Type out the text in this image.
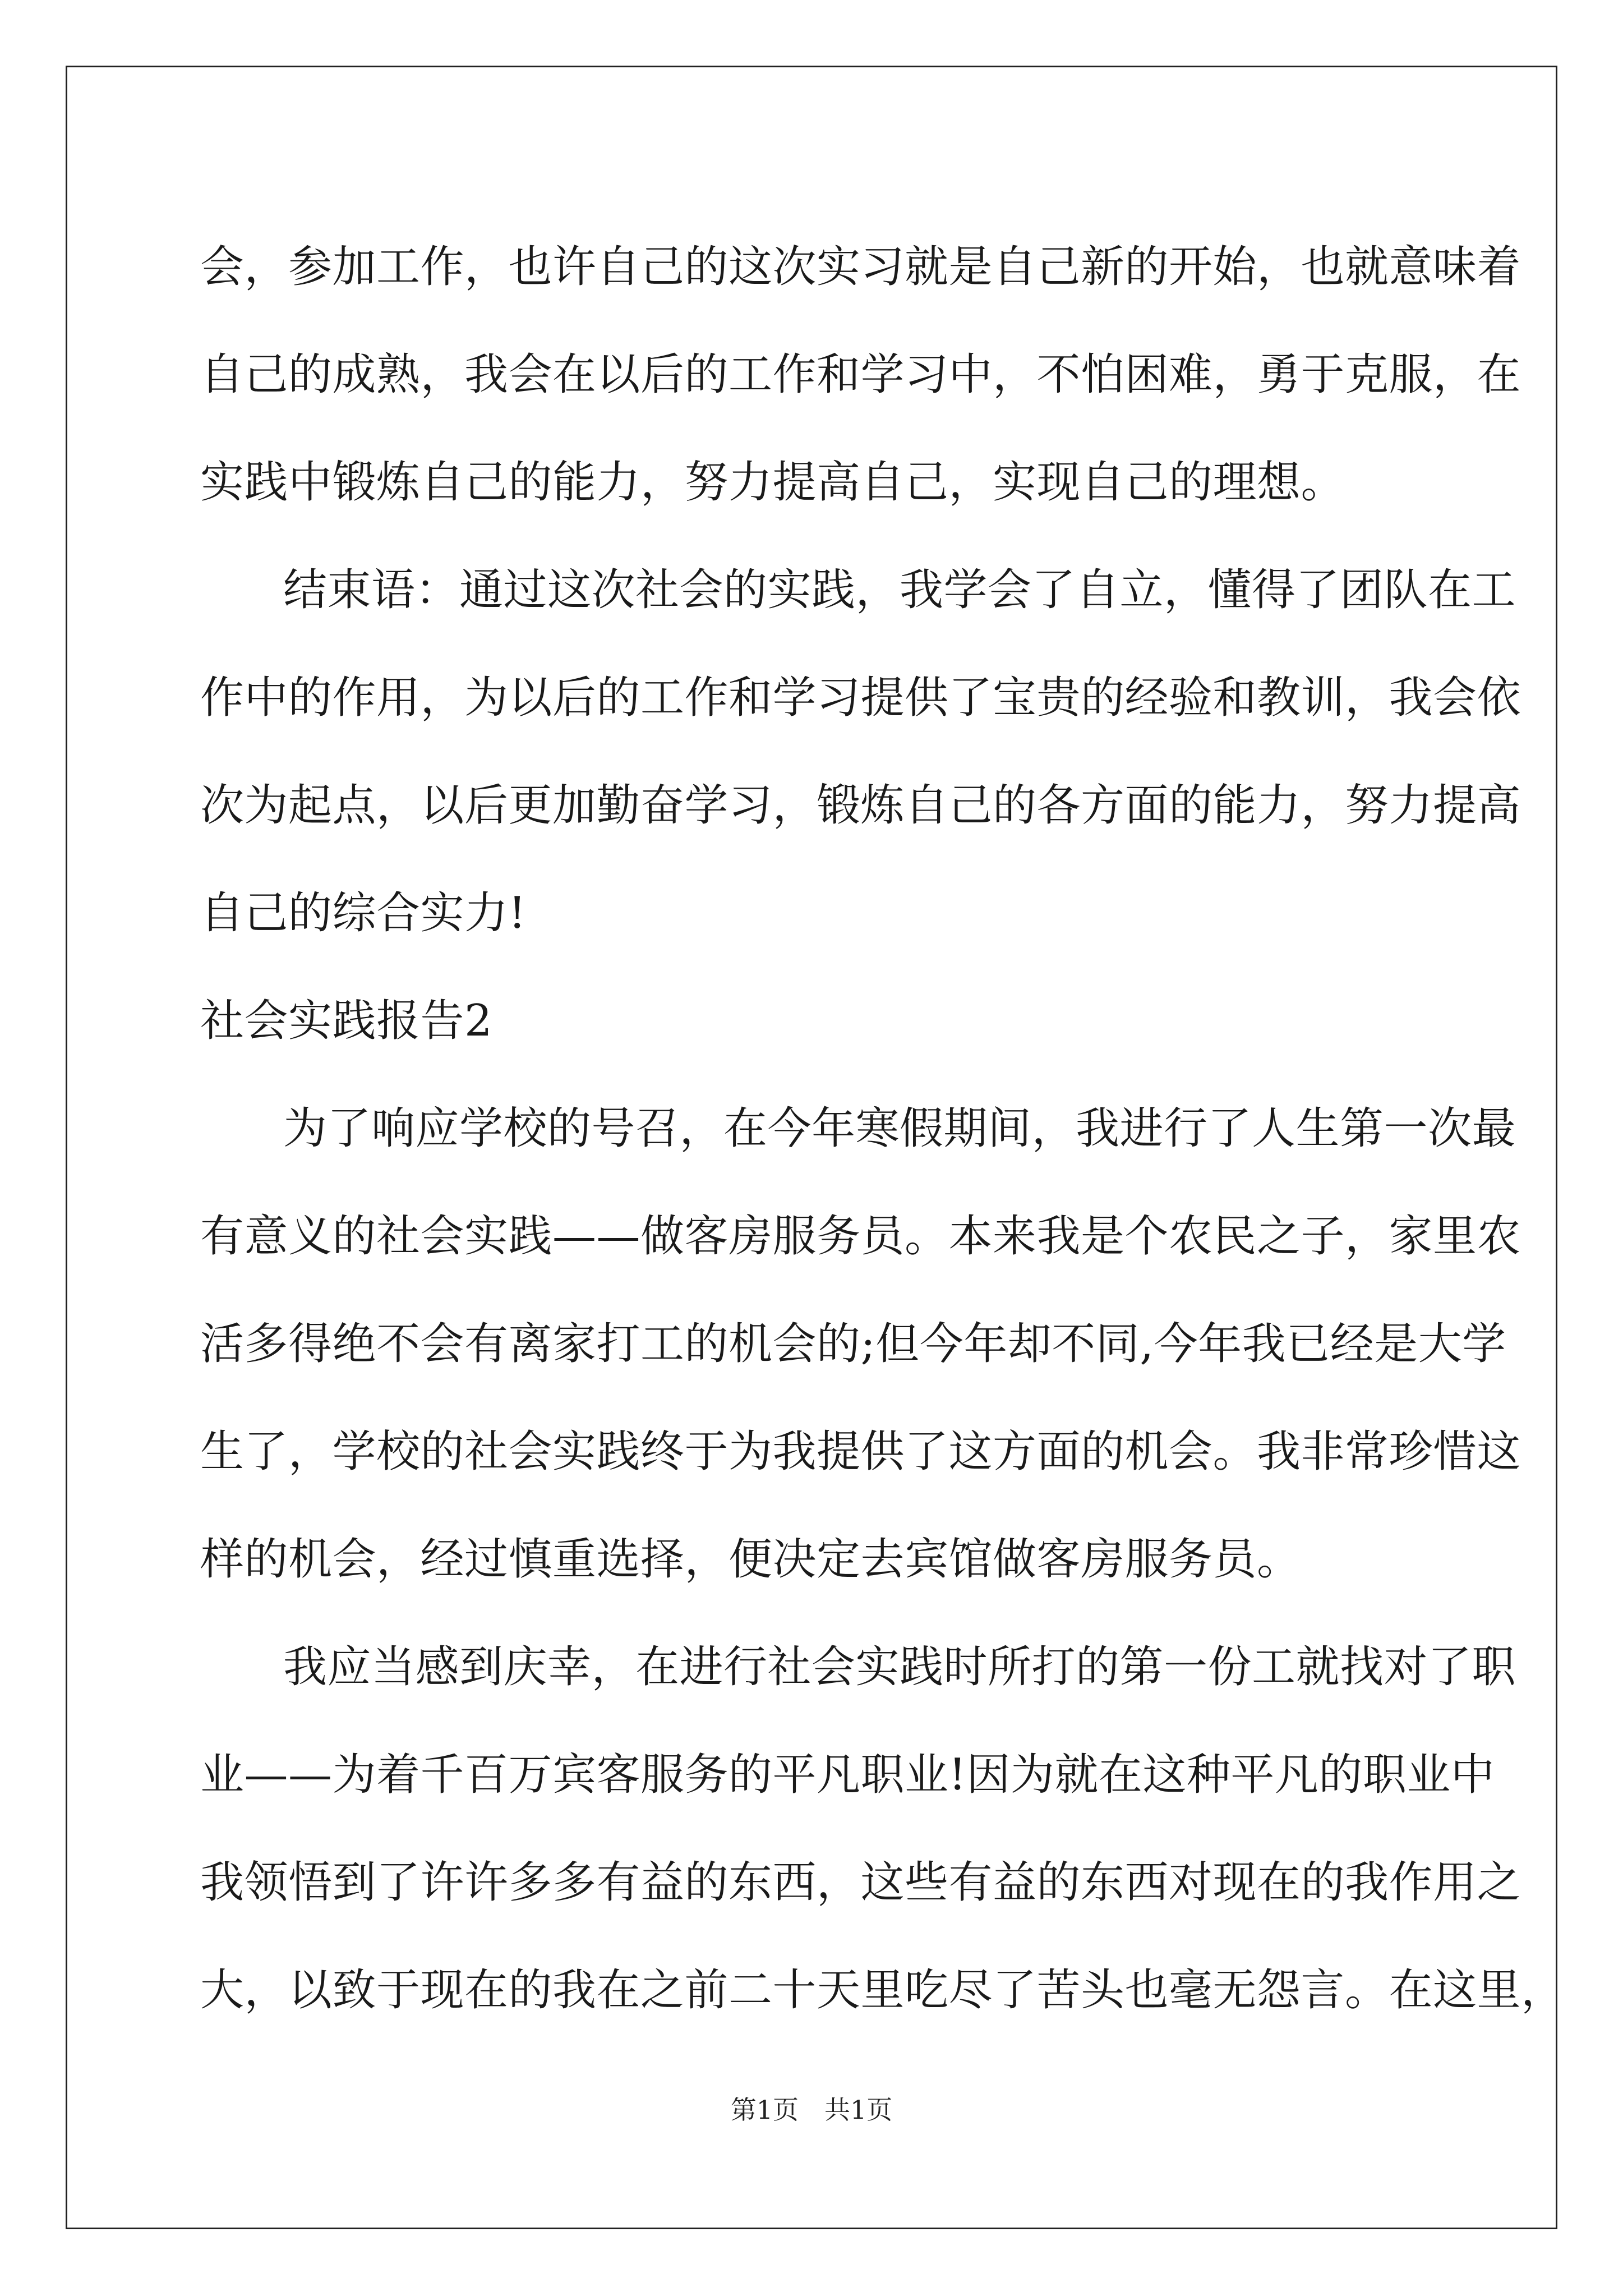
会，参加工作，也许自己的这次实习就是自己新的开始，也就意味着
自己的成熟，我会在以后的工作和学习中，不怕困难，勇于克服，在
实践中锻炼自己的能力，努力提高自己，实现自己的理想。
结束语：通过这次社会的实践，我学会了自立，懂得了团队在工
作中的作用，为以后的工作和学习提供了宝贵的经验和教训，我会依
次为起点，以后更加勤奋学习，锻炼自己的各方面的能力，努力提高
自己的综合实力!
社会实践报告2
为了响应学校的号召，在今年寒假期间，我进行了人生第一次最
有意义的社会实践——做客房服务员。本来我是个农民之子，家里农
活多得绝不会有离家打工的机会的;但今年却不同,今年我已经是大学
生了，学校的社会实践终于为我提供了这方面的机会。我非常珍惜这
样的机会，经过慎重选择，便决定去宾馆做客房服务员。
我应当感到庆幸，在进行社会实践时所打的第一份工就找对了职
业——为着千百万宾客服务的平凡职业!因为就在这种平凡的职业中
我领悟到了许许多多有益的东西，这些有益的东西对现在的我作用之
大，以致于现在的我在之前二十天里吃尽了苦头也毫无怨言。在这里，
第1页　共1页
